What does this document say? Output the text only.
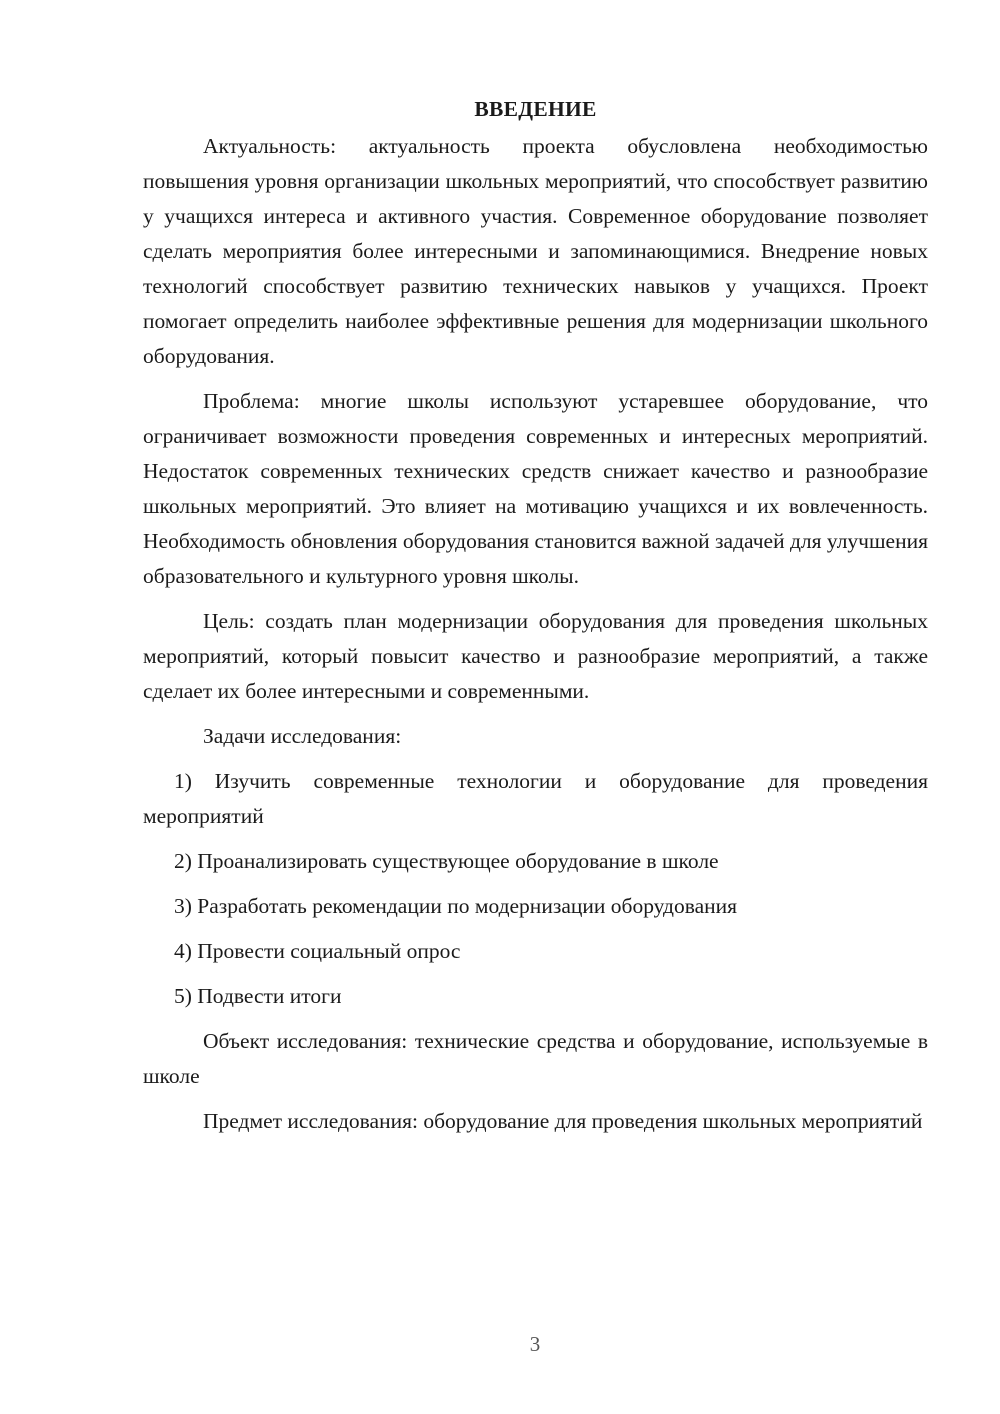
ВВЕДЕНИЕ

Актуальность: актуальность проекта обусловлена необходимостью повышения уровня организации школьных мероприятий, что способствует развитию у учащихся интереса и активного участия. Современное оборудование позволяет сделать мероприятия более интересными и запоминающимися. Внедрение новых технологий способствует развитию технических навыков у учащихся. Проект помогает определить наиболее эффективные решения для модернизации школьного оборудования.

Проблема: многие школы используют устаревшее оборудование, что ограничивает возможности проведения современных и интересных мероприятий. Недостаток современных технических средств снижает качество и разнообразие школьных мероприятий. Это влияет на мотивацию учащихся и их вовлеченность. Необходимость обновления оборудования становится важной задачей для улучшения образовательного и культурного уровня школы.

Цель: создать план модернизации оборудования для проведения школьных мероприятий, который повысит качество и разнообразие мероприятий, а также сделает их более интересными и современными.

Задачи исследования:

1) Изучить современные технологии и оборудование для проведения мероприятий

2) Проанализировать существующее оборудование в школе

3) Разработать рекомендации по модернизации оборудования

4) Провести социальный опрос

5) Подвести итоги

Объект исследования: технические средства и оборудование, используемые в школе

Предмет исследования: оборудование для проведения школьных мероприятий

3
